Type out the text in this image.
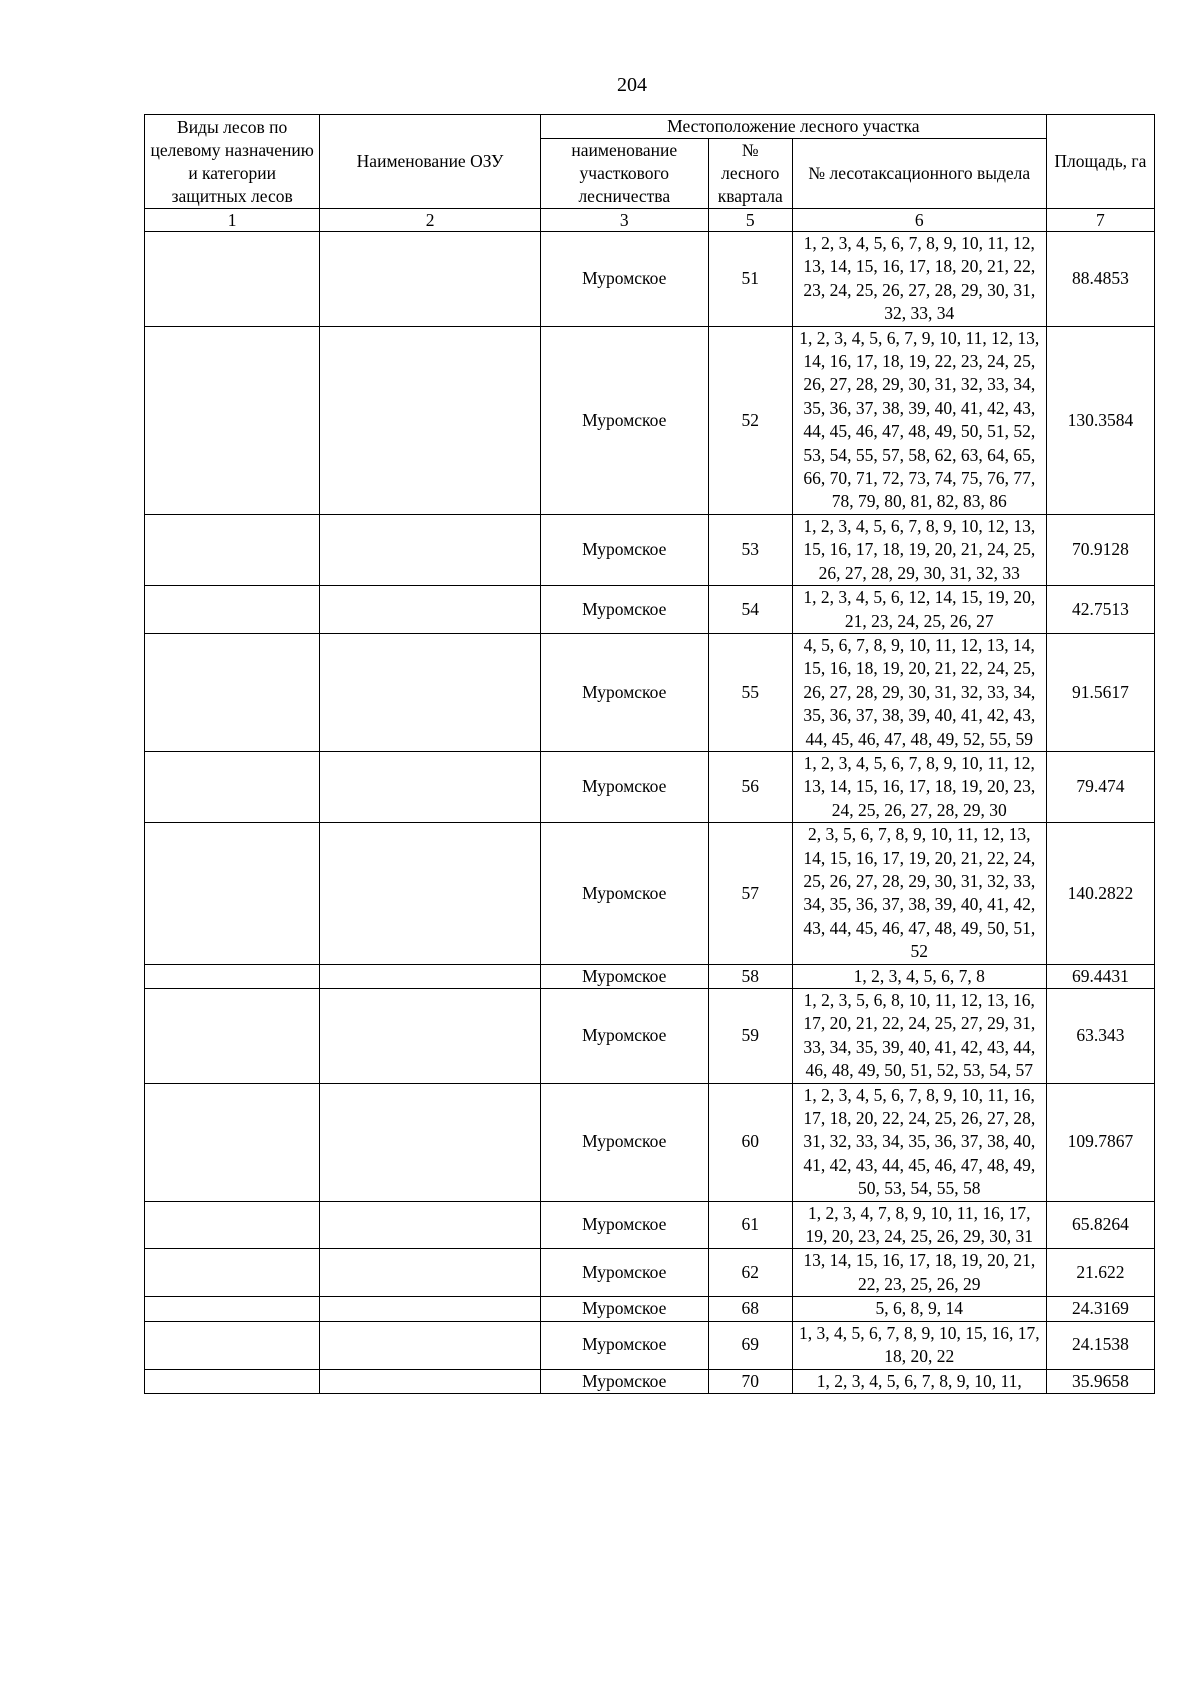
204
Виды лесов по целевому назначению и категории защитных лесов	Наименование ОЗУ	Местоположение лесного участка			Площадь, га
		наименование участкового лесничества	№ лесного квартала	№ лесотаксационного выдела	
1	2	3	5	6	7
		Муромское	51	1, 2, 3, 4, 5, 6, 7, 8, 9, 10, 11, 12, 13, 14, 15, 16, 17, 18, 20, 21, 22, 23, 24, 25, 26, 27, 28, 29, 30, 31, 32, 33, 34	88.4853
		Муромское	52	1, 2, 3, 4, 5, 6, 7, 9, 10, 11, 12, 13, 14, 16, 17, 18, 19, 22, 23, 24, 25, 26, 27, 28, 29, 30, 31, 32, 33, 34, 35, 36, 37, 38, 39, 40, 41, 42, 43, 44, 45, 46, 47, 48, 49, 50, 51, 52, 53, 54, 55, 57, 58, 62, 63, 64, 65, 66, 70, 71, 72, 73, 74, 75, 76, 77, 78, 79, 80, 81, 82, 83, 86	130.3584
		Муромское	53	1, 2, 3, 4, 5, 6, 7, 8, 9, 10, 12, 13, 15, 16, 17, 18, 19, 20, 21, 24, 25, 26, 27, 28, 29, 30, 31, 32, 33	70.9128
		Муромское	54	1, 2, 3, 4, 5, 6, 12, 14, 15, 19, 20, 21, 23, 24, 25, 26, 27	42.7513
		Муромское	55	4, 5, 6, 7, 8, 9, 10, 11, 12, 13, 14, 15, 16, 18, 19, 20, 21, 22, 24, 25, 26, 27, 28, 29, 30, 31, 32, 33, 34, 35, 36, 37, 38, 39, 40, 41, 42, 43, 44, 45, 46, 47, 48, 49, 52, 55, 59	91.5617
		Муромское	56	1, 2, 3, 4, 5, 6, 7, 8, 9, 10, 11, 12, 13, 14, 15, 16, 17, 18, 19, 20, 23, 24, 25, 26, 27, 28, 29, 30	79.474
		Муромское	57	2, 3, 5, 6, 7, 8, 9, 10, 11, 12, 13, 14, 15, 16, 17, 19, 20, 21, 22, 24, 25, 26, 27, 28, 29, 30, 31, 32, 33, 34, 35, 36, 37, 38, 39, 40, 41, 42, 43, 44, 45, 46, 47, 48, 49, 50, 51, 52	140.2822
		Муромское	58	1, 2, 3, 4, 5, 6, 7, 8	69.4431
		Муромское	59	1, 2, 3, 5, 6, 8, 10, 11, 12, 13, 16, 17, 20, 21, 22, 24, 25, 27, 29, 31, 33, 34, 35, 39, 40, 41, 42, 43, 44, 46, 48, 49, 50, 51, 52, 53, 54, 57	63.343
		Муромское	60	1, 2, 3, 4, 5, 6, 7, 8, 9, 10, 11, 16, 17, 18, 20, 22, 24, 25, 26, 27, 28, 31, 32, 33, 34, 35, 36, 37, 38, 40, 41, 42, 43, 44, 45, 46, 47, 48, 49, 50, 53, 54, 55, 58	109.7867
		Муромское	61	1, 2, 3, 4, 7, 8, 9, 10, 11, 16, 17, 19, 20, 23, 24, 25, 26, 29, 30, 31	65.8264
		Муромское	62	13, 14, 15, 16, 17, 18, 19, 20, 21, 22, 23, 25, 26, 29	21.622
		Муромское	68	5, 6, 8, 9, 14	24.3169
		Муромское	69	1, 3, 4, 5, 6, 7, 8, 9, 10, 15, 16, 17, 18, 20, 22	24.1538
		Муромское	70	1, 2, 3, 4, 5, 6, 7, 8, 9, 10, 11,	35.9658
